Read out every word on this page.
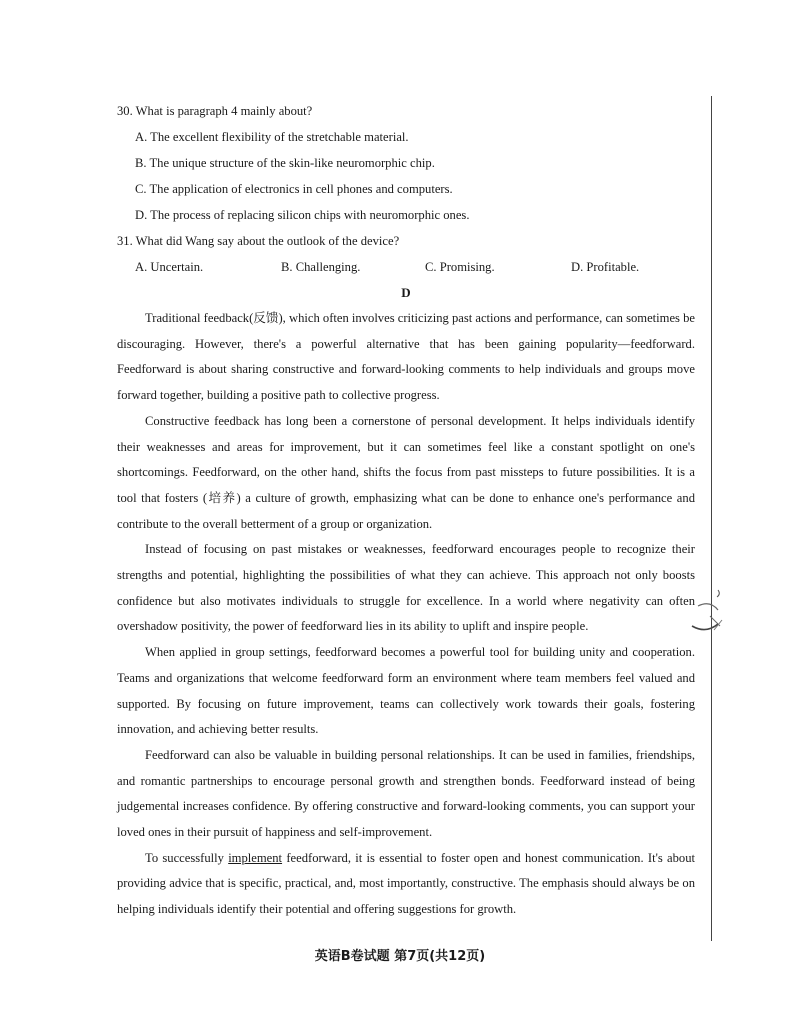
30. What is paragraph 4 mainly about?
A. The excellent flexibility of the stretchable material.
B. The unique structure of the skin-like neuromorphic chip.
C. The application of electronics in cell phones and computers.
D. The process of replacing silicon chips with neuromorphic ones.
31. What did Wang say about the outlook of the device?
A. Uncertain.	B. Challenging.	C. Promising.	D. Profitable.
D

Traditional feedback(反馈), which often involves criticizing past actions and performance, can sometimes be discouraging. However, there's a powerful alternative that has been gaining popularity—feedforward. Feedforward is about sharing constructive and forward-looking comments to help individuals and groups move forward together, building a positive path to collective progress.

Constructive feedback has long been a cornerstone of personal development. It helps individuals identify their weaknesses and areas for improvement, but it can sometimes feel like a constant spotlight on one's shortcomings. Feedforward, on the other hand, shifts the focus from past missteps to future possibilities. It is a tool that fosters (培养) a culture of growth, emphasizing what can be done to enhance one's performance and contribute to the overall betterment of a group or organization.

Instead of focusing on past mistakes or weaknesses, feedforward encourages people to recognize their strengths and potential, highlighting the possibilities of what they can achieve. This approach not only boosts confidence but also motivates individuals to struggle for excellence. In a world where negativity can often overshadow positivity, the power of feedforward lies in its ability to uplift and inspire people.

When applied in group settings, feedforward becomes a powerful tool for building unity and cooperation. Teams and organizations that welcome feedforward form an environment where team members feel valued and supported. By focusing on future improvement, teams can collectively work towards their goals, fostering innovation, and achieving better results.

Feedforward can also be valuable in building personal relationships. It can be used in families, friendships, and romantic partnerships to encourage personal growth and strengthen bonds. Feedforward instead of being judgemental increases confidence. By offering constructive and forward-looking comments, you can support your loved ones in their pursuit of happiness and self-improvement.

To successfully implement feedforward, it is essential to foster open and honest communication. It's about providing advice that is specific, practical, and, most importantly, constructive. The emphasis should always be on helping individuals identify their potential and offering suggestions for growth.

英语B卷试题 第7页(共12页)
